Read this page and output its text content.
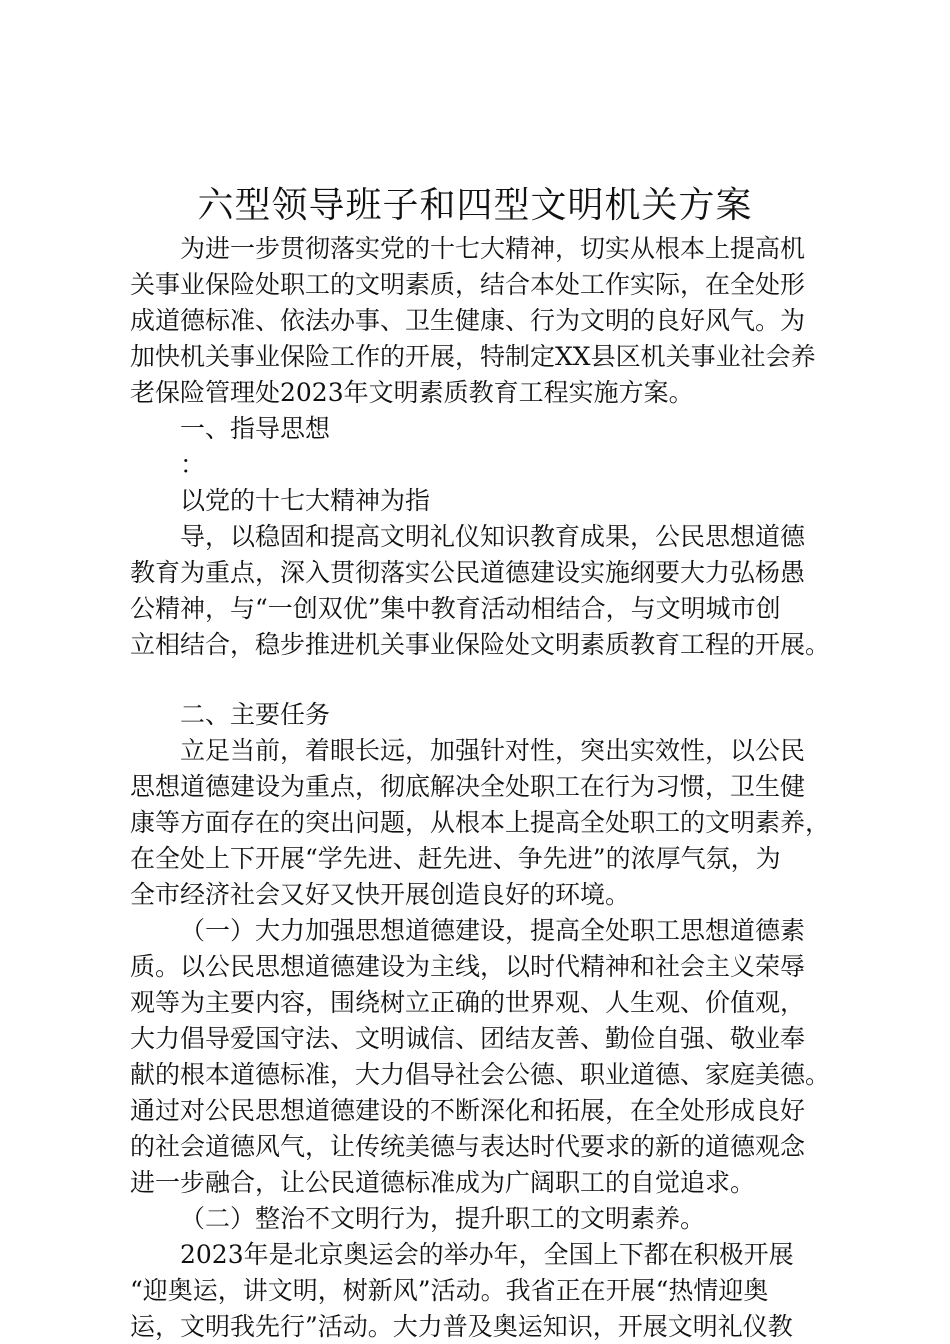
六型领导班子和四型文明机关方案
为进一步贯彻落实党的十七大精神，切实从根本上提高机
关事业保险处职工的文明素质，结合本处工作实际，在全处形
成道德标准、依法办事、卫生健康、行为文明的良好风气。为
加快机关事业保险工作的开展，特制定XX县区机关事业社会养
老保险管理处2023年文明素质教育工程实施方案。
一、指导思想
：
以党的十七大精神为指
导，以稳固和提高文明礼仪知识教育成果，公民思想道德
教育为重点，深入贯彻落实公民道德建设实施纲要大力弘杨愚
公精神，与“一创双优”集中教育活动相结合，与文明城市创
立相结合，稳步推进机关事业保险处文明素质教育工程的开展。
二、主要任务
立足当前，着眼长远，加强针对性，突出实效性，以公民
思想道德建设为重点，彻底解决全处职工在行为习惯，卫生健
康等方面存在的突出问题，从根本上提高全处职工的文明素养，
在全处上下开展“学先进、赶先进、争先进”的浓厚气氛，为
全市经济社会又好又快开展创造良好的环境。
（一）大力加强思想道德建设，提高全处职工思想道德素
质。以公民思想道德建设为主线，以时代精神和社会主义荣辱
观等为主要内容，围绕树立正确的世界观、人生观、价值观，
大力倡导爱国守法、文明诚信、团结友善、勤俭自强、敬业奉
献的根本道德标准，大力倡导社会公德、职业道德、家庭美德。
通过对公民思想道德建设的不断深化和拓展，在全处形成良好
的社会道德风气，让传统美德与表达时代要求的新的道德观念
进一步融合，让公民道德标准成为广阔职工的自觉追求。
（二）整治不文明行为，提升职工的文明素养。
2023年是北京奥运会的举办年，全国上下都在积极开展
“迎奥运，讲文明，树新风”活动。我省正在开展“热情迎奥
运，文明我先行”活动。大力普及奥运知识，开展文明礼仪教
